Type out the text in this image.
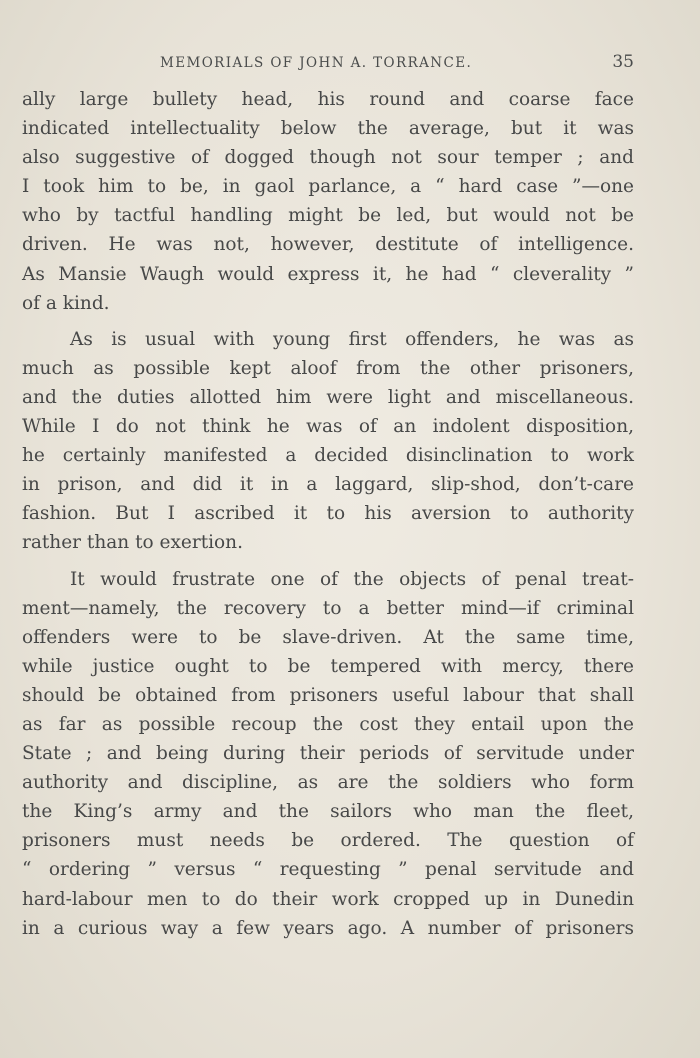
MEMORIALS OF JOHN A. TORRANCE.	35
ally large bullety head, his round and coarse face
indicated intellectuality below the average, but it was
also suggestive of dogged though not sour temper ; and
I took him to be, in gaol parlance, a “ hard case ”—one
who by tactful handling might be led, but would not be
driven. He was not, however, destitute of intelligence.
As Mansie Waugh would express it, he had “ cleverality ”
of a kind.
As is usual with young first offenders, he was as
much as possible kept aloof from the other prisoners,
and the duties allotted him were light and miscellaneous.
While I do not think he was of an indolent disposition,
he certainly manifested a decided disinclination to work
in prison, and did it in a laggard, slip-shod, don’t-care
fashion. But I ascribed it to his aversion to authority
rather than to exertion.
It would frustrate one of the objects of penal treat-
ment—namely, the recovery to a better mind—if criminal
offenders were to be slave-driven. At the same time,
while justice ought to be tempered with mercy, there
should be obtained from prisoners useful labour that shall
as far as possible recoup the cost they entail upon the
State ; and being during their periods of servitude under
authority and discipline, as are the soldiers who form
the King’s army and the sailors who man the fleet,
prisoners must needs be ordered. The question of
“ ordering ” versus “ requesting ” penal servitude and
hard-labour men to do their work cropped up in Dunedin
in a curious way a few years ago. A number of prisoners
